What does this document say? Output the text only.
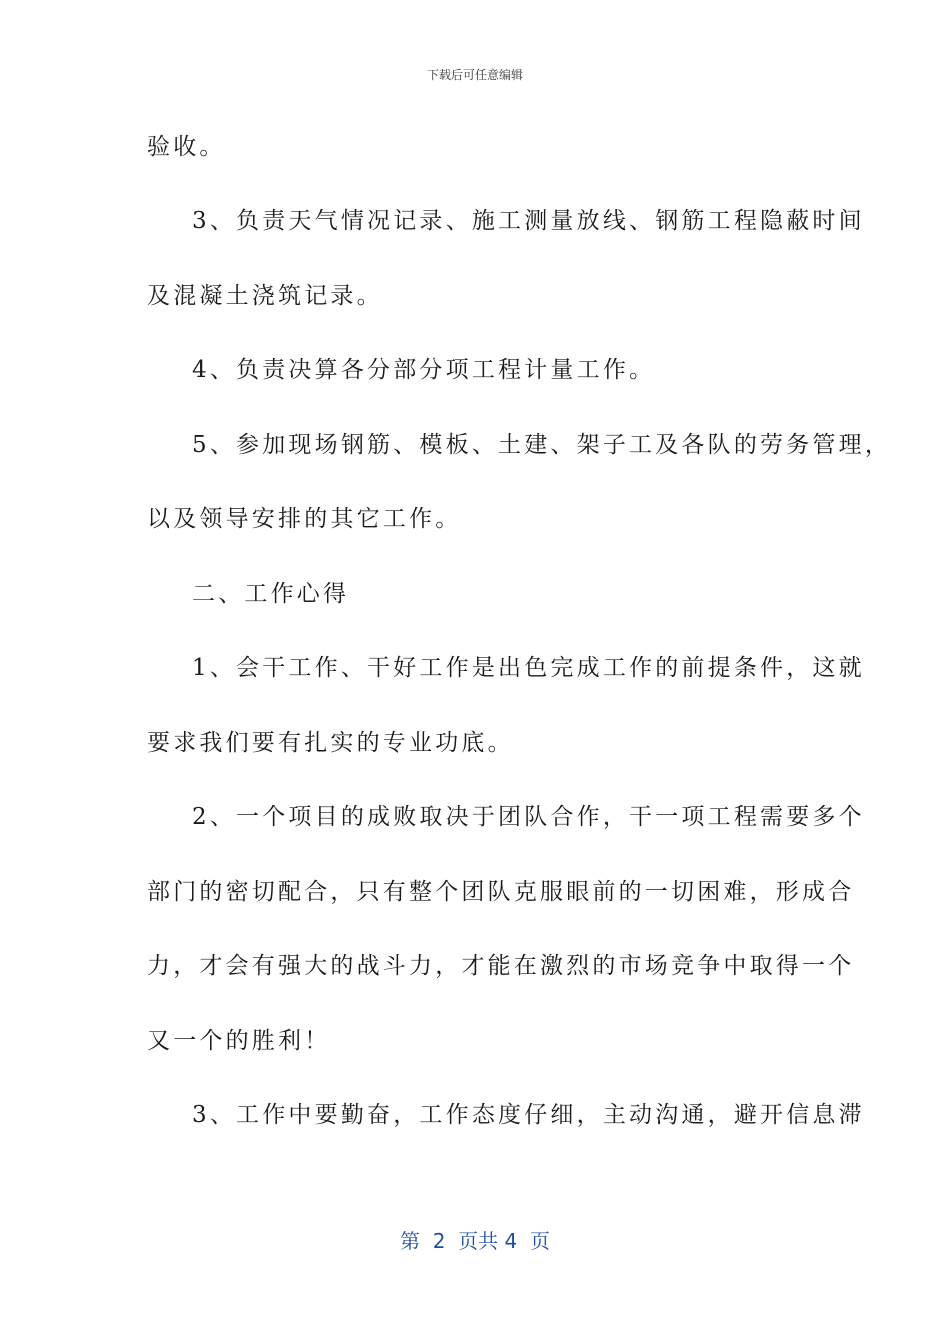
下载后可任意编辑
验收。
3、负责天气情况记录、施工测量放线、钢筋工程隐蔽时间
及混凝土浇筑记录。
4、负责决算各分部分项工程计量工作。
5、参加现场钢筋、模板、土建、架子工及各队的劳务管理，
以及领导安排的其它工作。
二、工作心得
1、会干工作、干好工作是出色完成工作的前提条件，这就
要求我们要有扎实的专业功底。
2、一个项目的成败取决于团队合作，干一项工程需要多个
部门的密切配合，只有整个团队克服眼前的一切困难，形成合
力，才会有强大的战斗力，才能在激烈的市场竞争中取得一个
又一个的胜利！
3、工作中要勤奋，工作态度仔细，主动沟通，避开信息滞
第  2  页共 4  页
